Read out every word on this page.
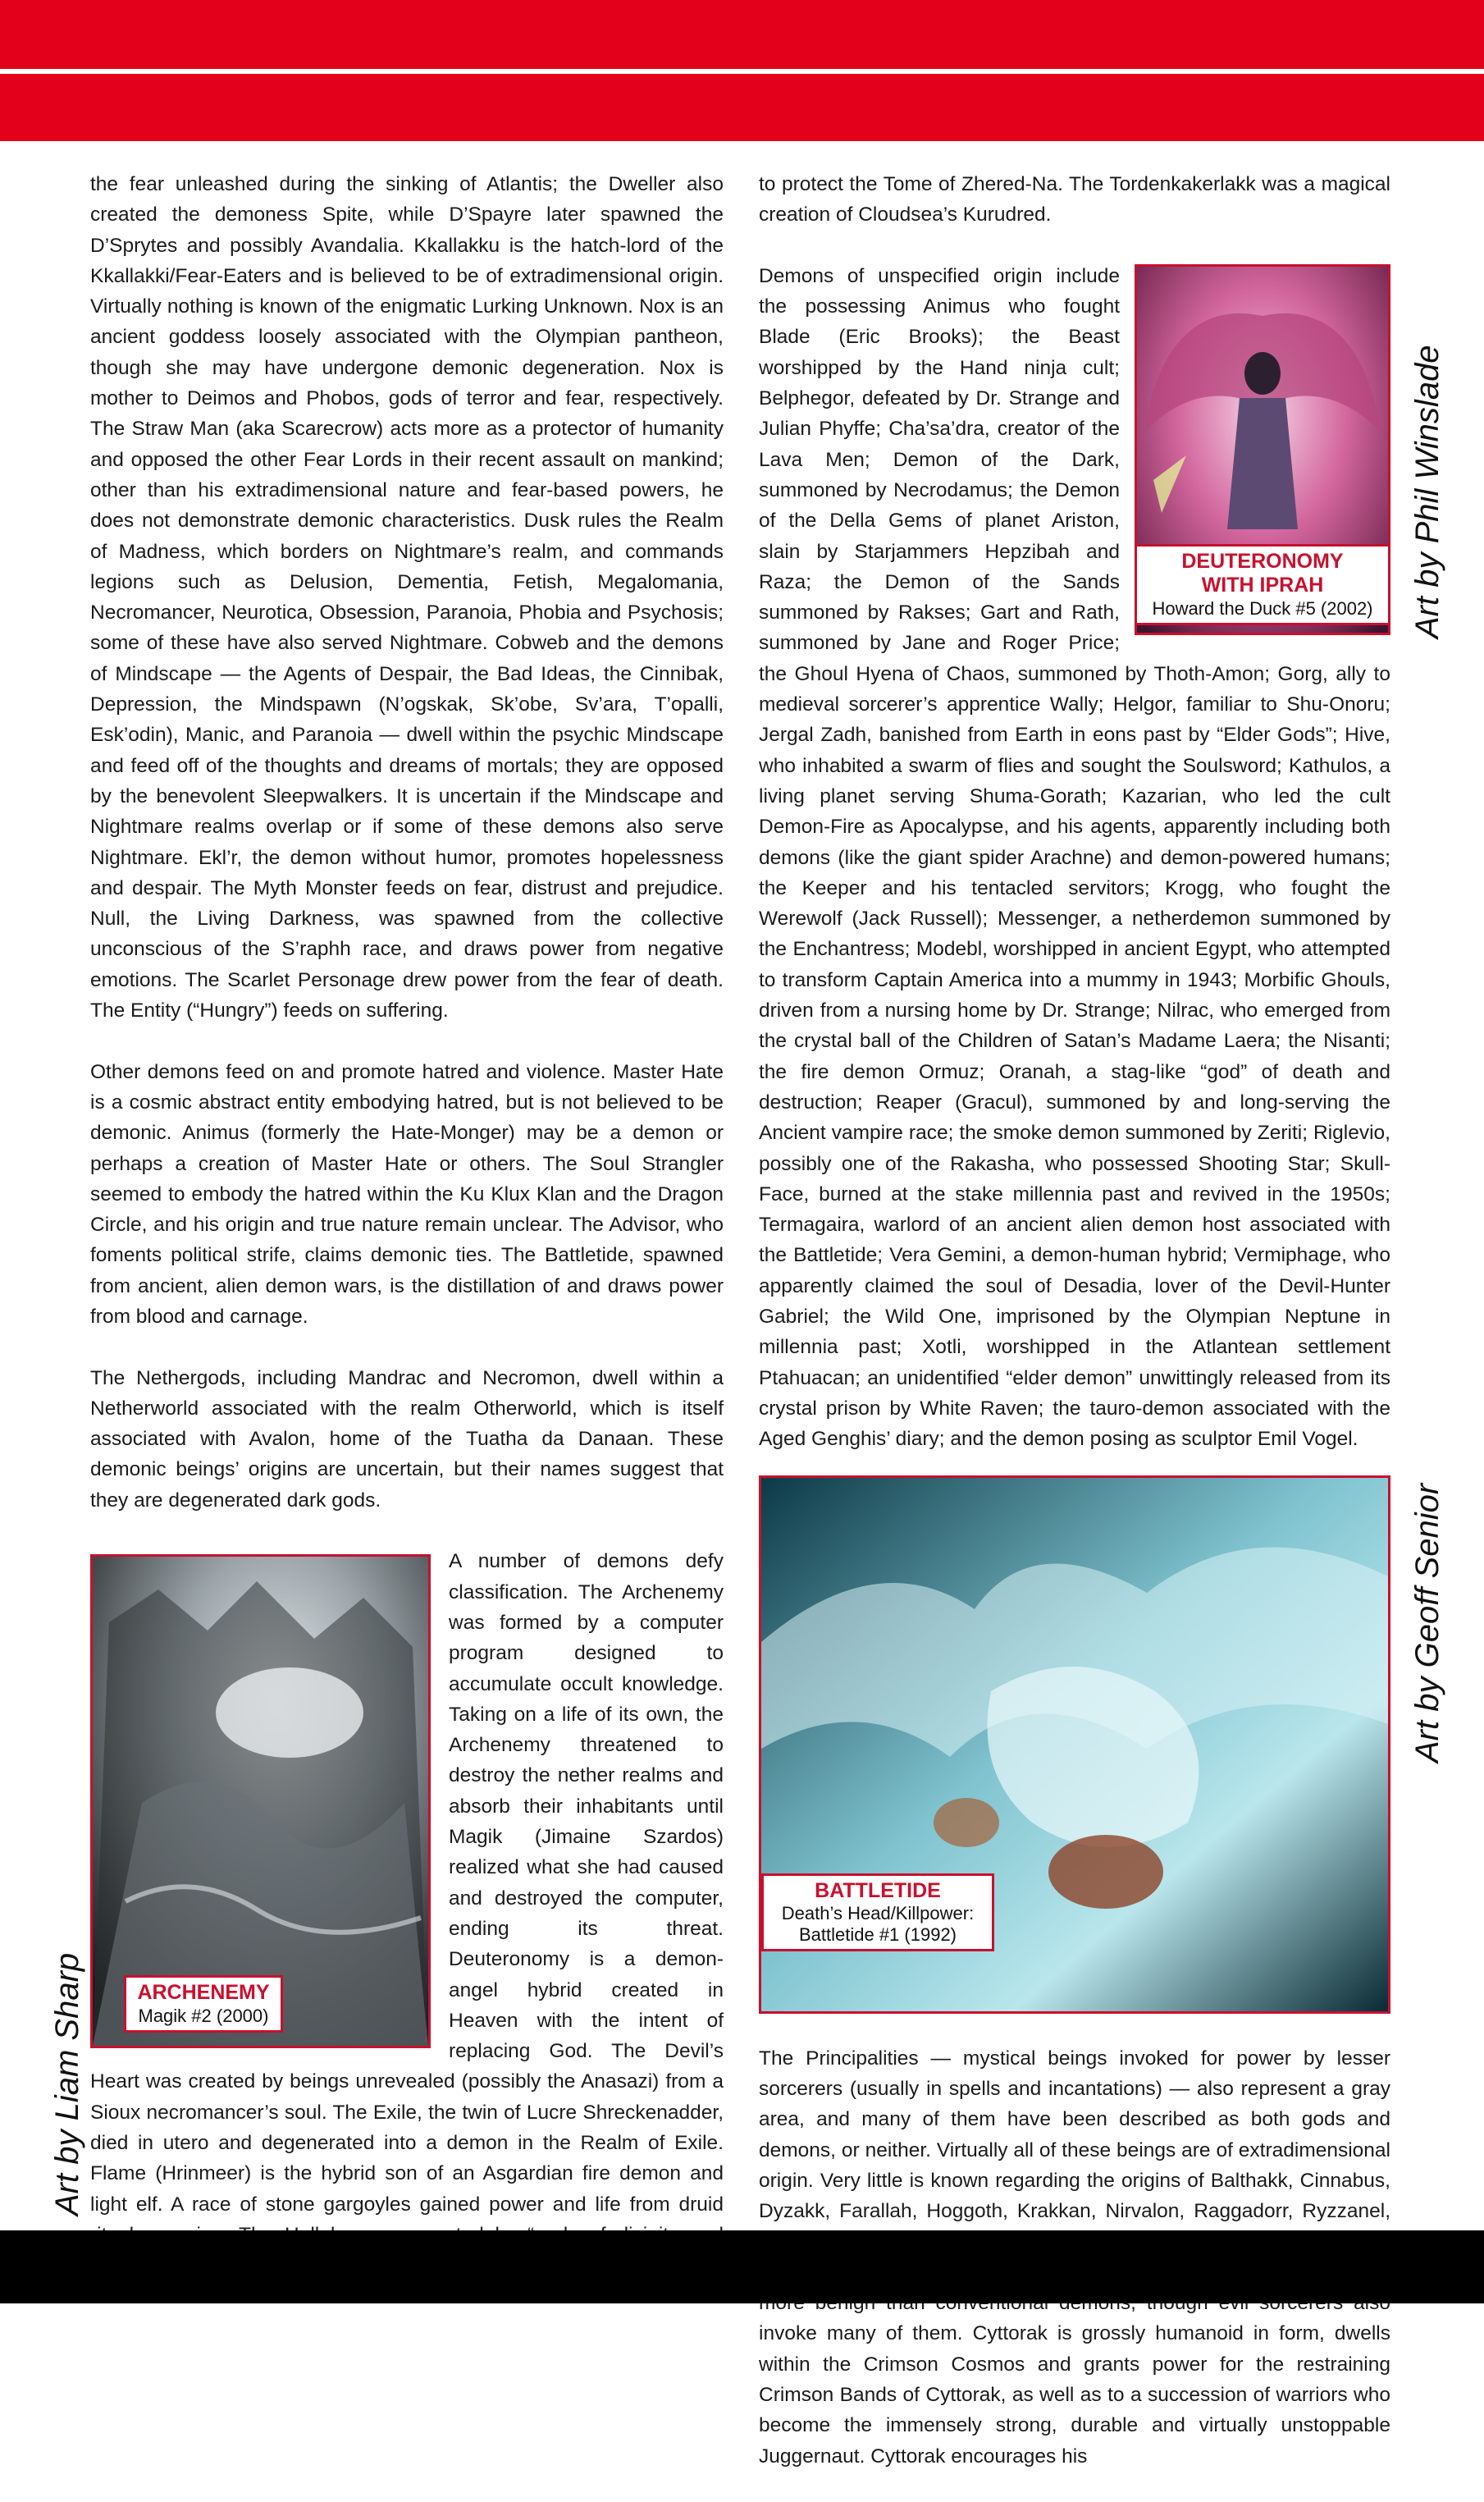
the fear unleashed during the sinking of Atlantis; the Dweller also created the demoness Spite, while D’Spayre later spawned the D’Sprytes and possibly Avandalia. Kkallakku is the hatch-lord of the Kkallakki/Fear-Eaters and is believed to be of extradimensional origin. Virtually nothing is known of the enigmatic Lurking Unknown. Nox is an ancient goddess loosely associated with the Olympian pantheon, though she may have undergone demonic degeneration. Nox is mother to Deimos and Phobos, gods of terror and fear, respectively. The Straw Man (aka Scarecrow) acts more as a protector of humanity and opposed the other Fear Lords in their recent assault on mankind; other than his extradimensional nature and fear-based powers, he does not demonstrate demonic characteristics. Dusk rules the Realm of Madness, which borders on Nightmare’s realm, and commands legions such as Delusion, Dementia, Fetish, Megalomania, Necromancer, Neurotica, Obsession, Paranoia, Phobia and Psychosis; some of these have also served Nightmare. Cobweb and the demons of Mindscape — the Agents of Despair, the Bad Ideas, the Cinnibak, Depression, the Mindspawn (N’ogskak, Sk’obe, Sv’ara, T’opalli, Esk’odin), Manic, and Paranoia — dwell within the psychic Mindscape and feed off of the thoughts and dreams of mortals; they are opposed by the benevolent Sleepwalkers. It is uncertain if the Mindscape and Nightmare realms overlap or if some of these demons also serve Nightmare. Ekl’r, the demon without humor, promotes hopelessness and despair. The Myth Monster feeds on fear, distrust and prejudice. Null, the Living Darkness, was spawned from the collective unconscious of the S’raphh race, and draws power from negative emotions. The Scarlet Personage drew power from the fear of death. The Entity (“Hungry”) feeds on suffering.

Other demons feed on and promote hatred and violence. Master Hate is a cosmic abstract entity embodying hatred, but is not believed to be demonic. Animus (formerly the Hate-Monger) may be a demon or perhaps a creation of Master Hate or others. The Soul Strangler seemed to embody the hatred within the Ku Klux Klan and the Dragon Circle, and his origin and true nature remain unclear. The Advisor, who foments political strife, claims demonic ties. The Battletide, spawned from ancient, alien demon wars, is the distillation of and draws power from blood and carnage.

The Nethergods, including Mandrac and Necromon, dwell within a Netherworld associated with the realm Otherworld, which is itself associated with Avalon, home of the Tuatha da Danaan. These demonic beings’ origins are uncertain, but their names suggest that they are degenerated dark gods.

ARCHENEMY
Magik #2 (2000)
A number of demons defy classification. The Archenemy was formed by a computer program designed to accumulate occult knowledge. Taking on a life of its own, the Archenemy threatened to destroy the nether realms and absorb their inhabitants until Magik (Jimaine Szardos) realized what she had caused and destroyed the computer, ending its threat. Deuteronomy is a demon-angel hybrid created in Heaven with the intent of replacing God. The Devil’s Heart was created by beings unrevealed (possibly the Anasazi) from a Sioux necromancer’s soul. The Exile, the twin of Lucre Shreckenadder, died in utero and degenerated into a demon in the Realm of Exile. Flame (Hrinmeer) is the hybrid son of an Asgardian fire demon and light elf. A race of stone gargoyles gained power and life from druid

to protect the Tome of Zhered-Na. The Tordenkakerlakk was a magical creation of Cloudsea’s Kurudred.

DEUTERONOMY WITH IPRAH
Howard the Duck #5 (2002)
Demons of unspecified origin include the possessing Animus who fought Blade (Eric Brooks); the Beast worshipped by the Hand ninja cult; Belphegor, defeated by Dr. Strange and Julian Phyffe; Cha’sa’dra, creator of the Lava Men; Demon of the Dark, summoned by Necrodamus; the Demon of the Della Gems of planet Ariston, slain by Starjammers Hepzibah and Raza; the Demon of the Sands summoned by Rakses; Gart and Rath, summoned by Jane and Roger Price; the Ghoul Hyena of Chaos, summoned by Thoth-Amon; Gorg, ally to medieval sorcerer’s apprentice Wally; Helgor, familiar to Shu-Onoru; Jergal Zadh, banished from Earth in eons past by “Elder Gods”; Hive, who inhabited a swarm of flies and sought the Soulsword; Kathulos, a living planet serving Shuma-Gorath; Kazarian, who led the cult Demon-Fire as Apocalypse, and his agents, apparently including both demons (like the giant spider Arachne) and demon-powered humans; the Keeper and his tentacled servitors; Krogg, who fought the Werewolf (Jack Russell); Messenger, a netherdemon summoned by the Enchantress; Modebl, worshipped in ancient Egypt, who attempted to transform Captain America into a mummy in 1943; Morbific Ghouls, driven from a nursing home by Dr. Strange; Nilrac, who emerged from the crystal ball of the Children of Satan’s Madame Laera; the Nisanti; the fire demon Ormuz; Oranah, a stag-like “god” of death and destruction; Reaper (Gracul), summoned by and long-serving the Ancient vampire race; the smoke demon summoned by Zeriti; Riglevio, possibly one of the Rakasha, who possessed Shooting Star; Skull-Face, burned at the stake millennia past and revived in the 1950s; Termagaira, warlord of an ancient alien demon host associated with the Battletide; Vera Gemini, a demon-human hybrid; Vermiphage, who apparently claimed the soul of Desadia, lover of the Devil-Hunter Gabriel; the Wild One, imprisoned by the Olympian Neptune in millennia past; Xotli, worshipped in the Atlantean settlement Ptahuacan; an unidentified “elder demon” unwittingly released from its crystal prison by White Raven; the tauro-demon associated with the Aged Genghis’ diary; and the demon posing as sculptor Emil Vogel.

BATTLETIDE
Death’s Head/Killpower: Battletide #1 (1992)

The Principalities — mystical beings invoked for power by lesser sorcerers (usually in spells and incantations) — also represent a gray area, and many of them have been described as both gods and demons, or neither. Virtually all of these beings are of extradimensional origin. Very little is known regarding the origins of Balthakk, Cinnabus, Dyzakk, Farallah, Hoggoth, Krakkan, Nirvalon, Raggadorr, Ryzzanel, invoke many of them. Cyttorak is grossly humanoid in form, dwells within the Crimson Cosmos and grants power for the restraining Crimson Bands of Cyttorak, as well as to a succession of warriors who become the immensely strong, durable and virtually unstoppable Juggernaut. Cyttorak encourages his

Art by Phil Winslade
Art by Geoff Senior
Art by Liam Sharp
